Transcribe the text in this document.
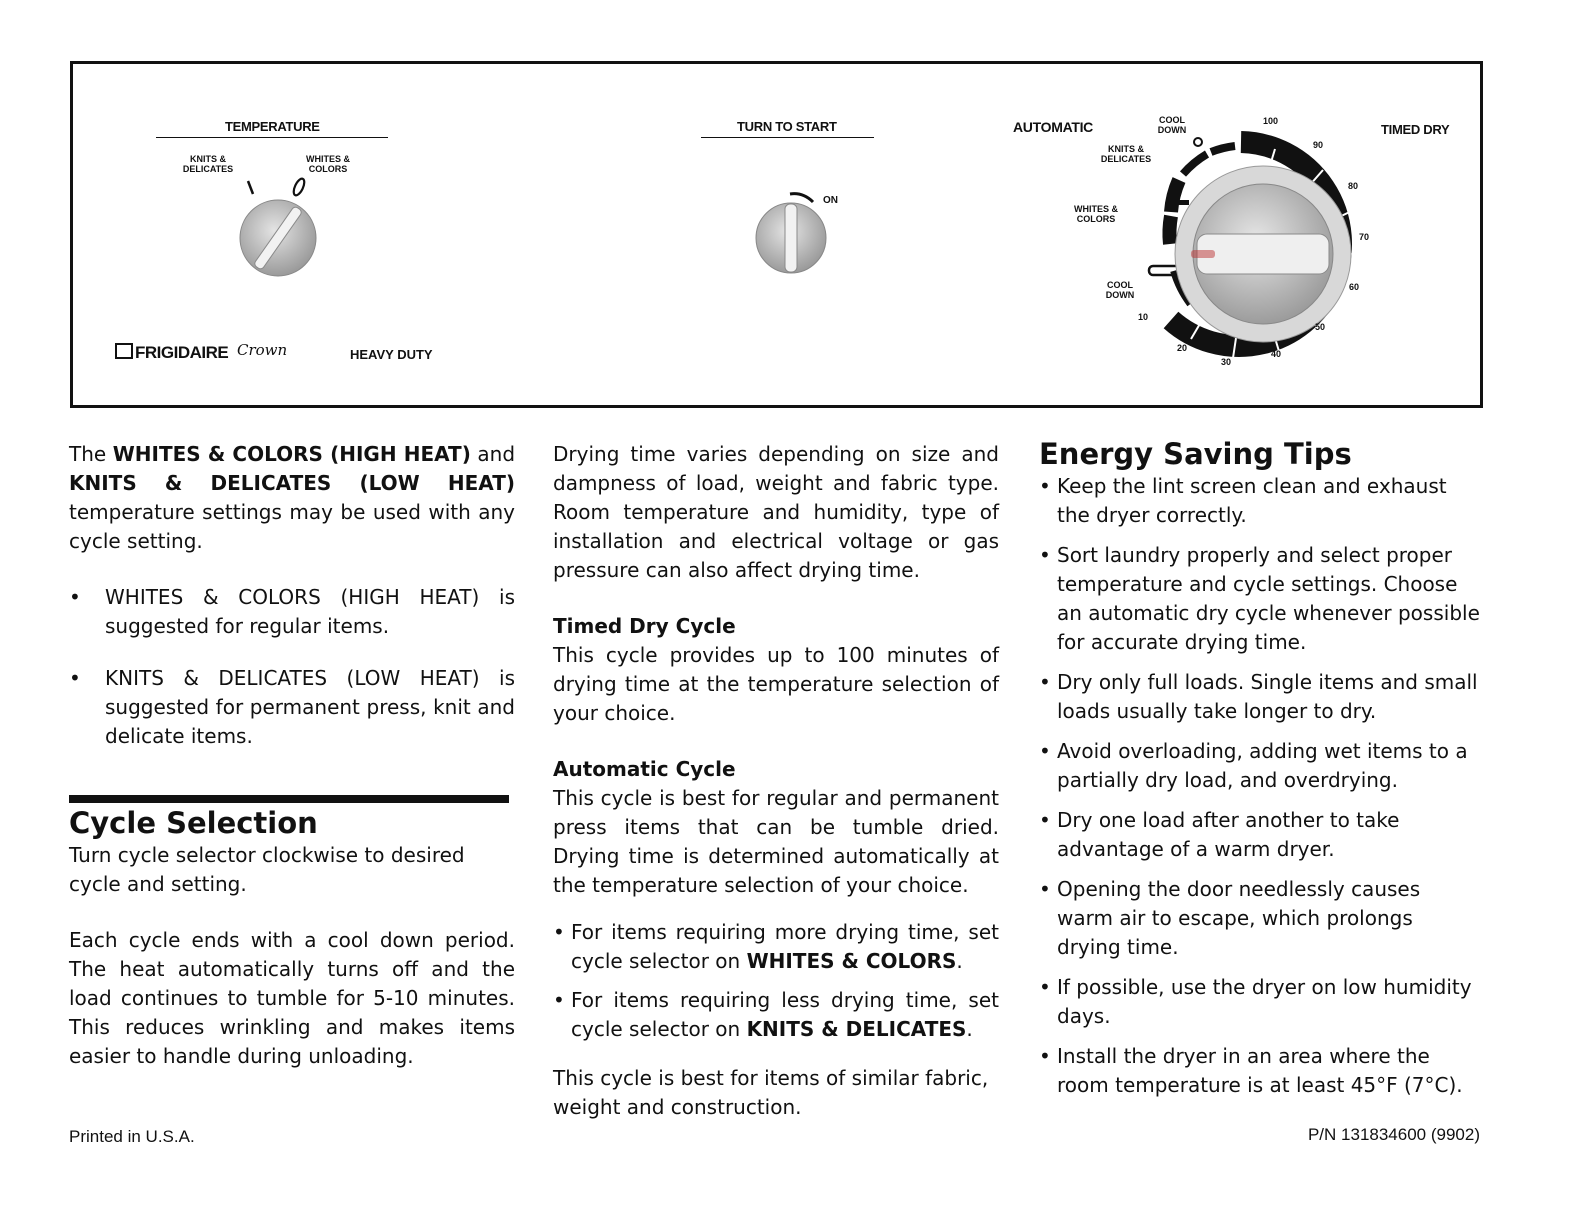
TEMPERATURE
KNITS &
DELICATES
WHITES &
COLORS
TURN TO START
ON
AUTOMATIC	TIMED DRY
COOL
DOWN
KNITS &
DELICATES
WHITES &
COLORS
COOL
DOWN
100
90
80
70
60
50
40
30
20
10
FRIGIDAIRE Crown	HEAVY DUTY

The WHITES & COLORS (HIGH HEAT) and KNITS & DELICATES (LOW HEAT) temperature settings may be used with any cycle setting.

• WHITES & COLORS (HIGH HEAT) is suggested for regular items.
• KNITS & DELICATES (LOW HEAT) is suggested for permanent press, knit and delicate items.
Cycle Selection

Turn cycle selector clockwise to desired cycle and setting.

Each cycle ends with a cool down period. The heat automatically turns off and the load continues to tumble for 5-10 minutes. This reduces wrinkling and makes items easier to handle during unloading.

Drying time varies depending on size and dampness of load, weight and fabric type. Room temperature and humidity, type of installation and electrical voltage or gas pressure can also affect drying time.

Timed Dry Cycle

This cycle provides up to 100 minutes of drying time at the temperature selection of your choice.

Automatic Cycle

This cycle is best for regular and permanent press items that can be tumble dried. Drying time is determined automatically at the temperature selection of your choice.

• For items requiring more drying time, set cycle selector on WHITES & COLORS.
• For items requiring less drying time, set cycle selector on KNITS & DELICATES.

This cycle is best for items of similar fabric, weight and construction.

Energy Saving Tips
• Keep the lint screen clean and exhaust the dryer correctly.
• Sort laundry properly and select proper temperature and cycle settings. Choose an automatic dry cycle whenever possible for accurate drying time.
• Dry only full loads. Single items and small loads usually take longer to dry.
• Avoid overloading, adding wet items to a partially dry load, and overdrying.
• Dry one load after another to take advantage of a warm dryer.
• Opening the door needlessly causes warm air to escape, which prolongs drying time.
• If possible, use the dryer on low humidity days.
• Install the dryer in an area where the room temperature is at least 45°F (7°C).
Printed in U.S.A.	P/N 131834600 (9902)
